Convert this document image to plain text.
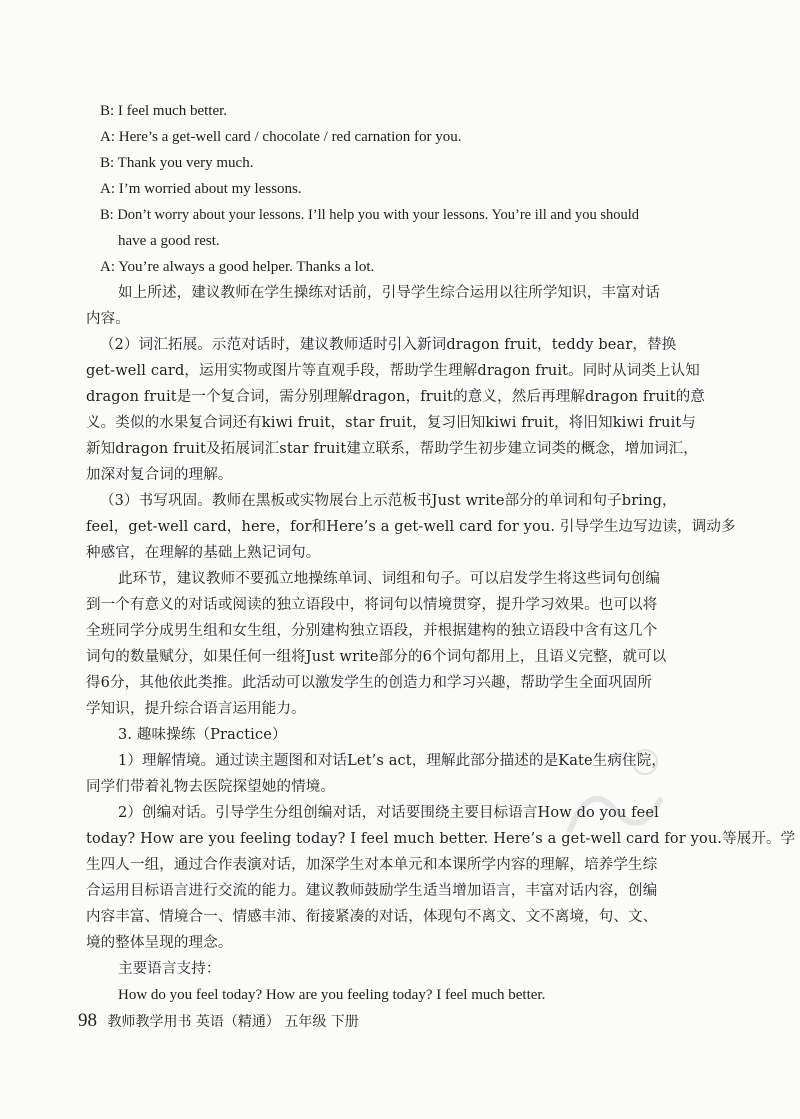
B: I feel much better.
A: Here’s a get-well card / chocolate / red carnation for you.
B: Thank you very much.
A: I’m worried about my lessons.
B: Don’t worry about your lessons. I’ll help you with your lessons. You’re ill and you should
have a good rest.
A: You’re always a good helper. Thanks a lot.
如上所述，建议教师在学生操练对话前，引导学生综合运用以往所学知识，丰富对话
内容。
（2）词汇拓展。示范对话时，建议教师适时引入新词dragon fruit，teddy bear，替换
get-well card，运用实物或图片等直观手段，帮助学生理解dragon fruit。同时从词类上认知
dragon fruit是一个复合词，需分别理解dragon，fruit的意义，然后再理解dragon fruit的意
义。类似的水果复合词还有kiwi fruit，star fruit，复习旧知kiwi fruit，将旧知kiwi fruit与
新知dragon fruit及拓展词汇star fruit建立联系，帮助学生初步建立词类的概念，增加词汇，
加深对复合词的理解。
（3）书写巩固。教师在黑板或实物展台上示范板书Just write部分的单词和句子bring，
feel，get-well card，here，for和Here’s a get-well card for you. 引导学生边写边读，调动多
种感官，在理解的基础上熟记词句。
此环节，建议教师不要孤立地操练单词、词组和句子。可以启发学生将这些词句创编
到一个有意义的对话或阅读的独立语段中，将词句以情境贯穿，提升学习效果。也可以将
全班同学分成男生组和女生组，分别建构独立语段，并根据建构的独立语段中含有这几个
词句的数量赋分，如果任何一组将Just write部分的6个词句都用上，且语义完整，就可以
得6分，其他依此类推。此活动可以激发学生的创造力和学习兴趣，帮助学生全面巩固所
学知识，提升综合语言运用能力。
3. 趣味操练（Practice）
1）理解情境。通过读主题图和对话Let’s act，理解此部分描述的是Kate生病住院，
同学们带着礼物去医院探望她的情境。
2）创编对话。引导学生分组创编对话，对话要围绕主要目标语言How do you feel
today? How are you feeling today? I feel much better. Here’s a get-well card for you.等展开。学
生四人一组，通过合作表演对话，加深学生对本单元和本课所学内容的理解，培养学生综
合运用目标语言进行交流的能力。建议教师鼓励学生适当增加语言，丰富对话内容，创编
内容丰富、情境合一、情感丰沛、衔接紧凑的对话，体现句不离文、文不离境，句、文、
境的整体呈现的理念。
主要语言支持：
How do you feel today? How are you feeling today? I feel much better.
98 教师教学用书 英语（精通） 五年级 下册
